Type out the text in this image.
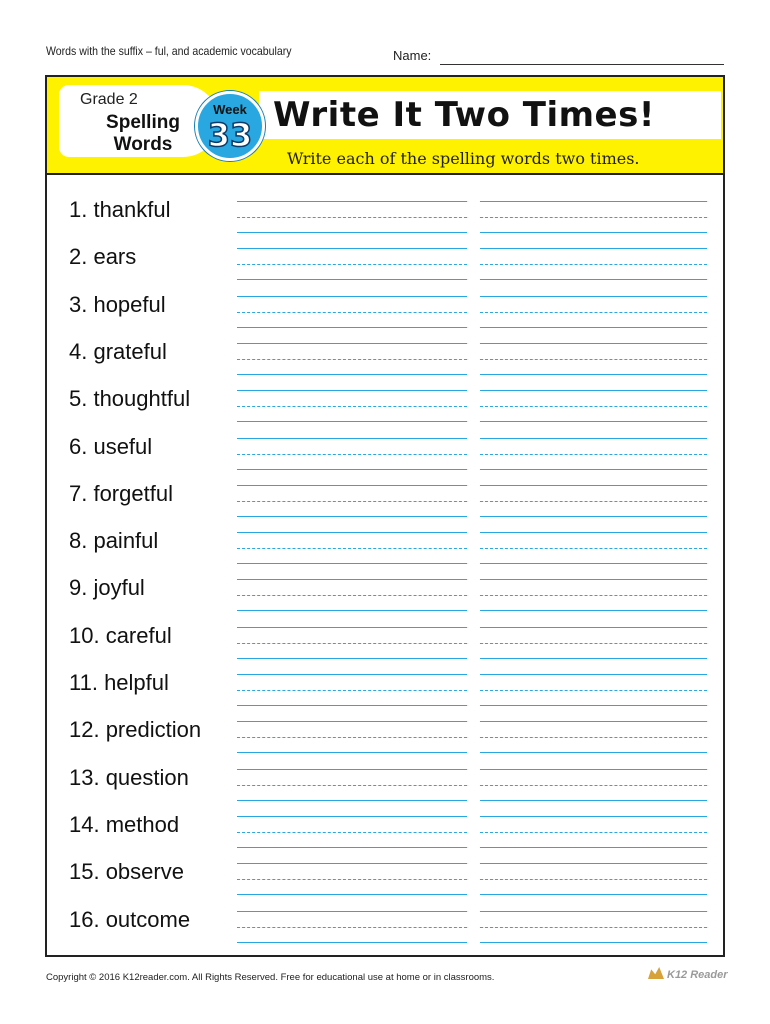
Words with the suffix – ful, and academic vocabulary	Name:
Grade 2
Spelling
Words
Write It Two Times!
Week
33
Write each of the spelling words two times.
1. thankful
2. ears
3. hopeful
4. grateful
5. thoughtful
6. useful
7. forgetful
8. painful
9. joyful
10. careful
11. helpful
12. prediction
13. question
14. method
15. observe
16. outcome
Copyright © 2016 K12reader.com. All Rights Reserved. Free for educational use at home or in classrooms.	K12 Reader
